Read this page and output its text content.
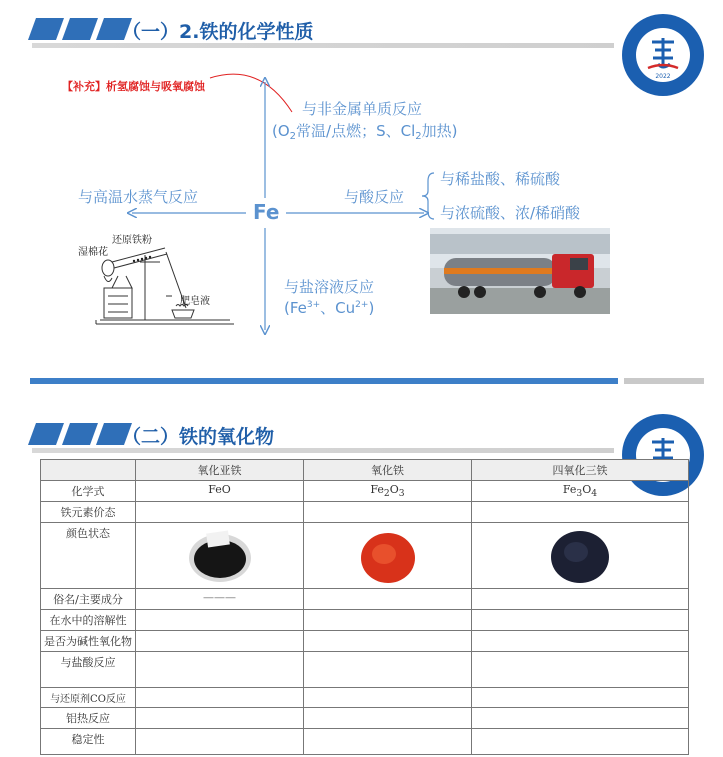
（一）2.铁的化学性质
2022
【补充】析氢腐蚀与吸氧腐蚀
与非金属单质反应
($O_2$常温/点燃；S、$Cl_2$加热)
与高温水蒸气反应
Fe
与酸反应
与稀盐酸、稀硫酸
与浓硫酸、浓/稀硝酸
与盐溶液反应
($Fe^{3+}$、$Cu^{2+}$)
湿棉花
还原铁粉
肥皂液
（二）铁的氧化物
	氧化亚铁	氧化铁	四氧化三铁
化学式	FeO	$Fe_2O_3$	$Fe_3O_4$
铁元素价态			
颜色状态	

俗名/主要成分	———		
在水中的溶解性			
是否为碱性氧化物			
与盐酸反应			
与还原剂CO反应			
铝热反应			
稳定性			
